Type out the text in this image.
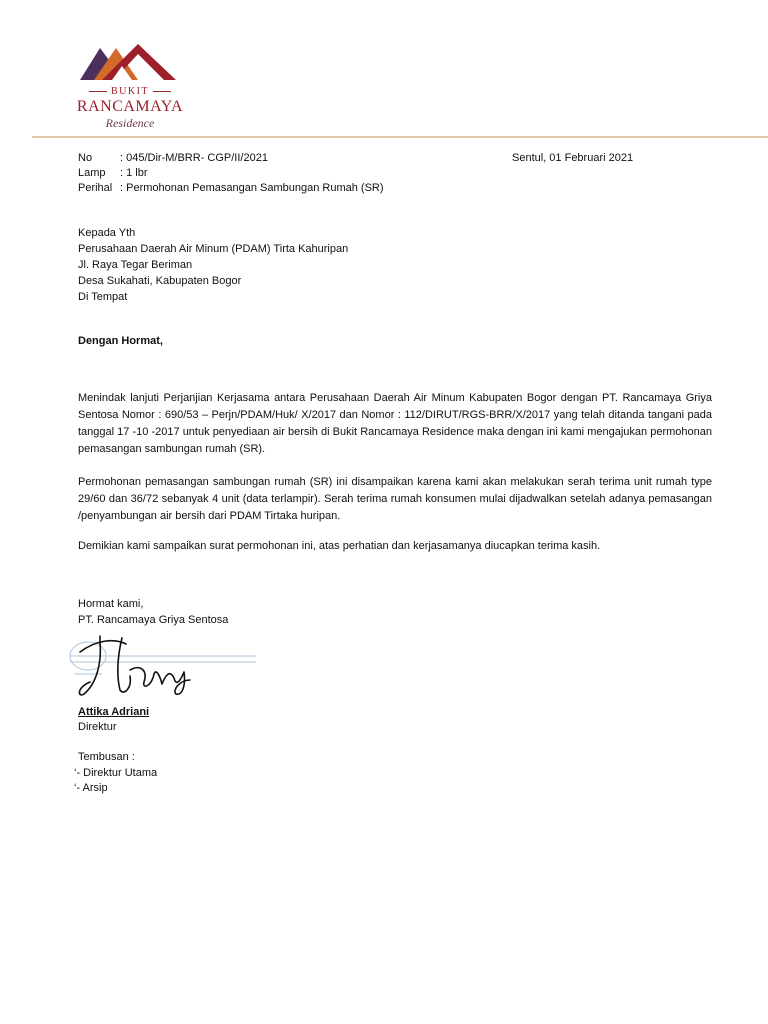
BUKIT
RANCAMAYA
Residence
No	: 045/Dir-M/BRR- CGP/II/2021	Sentul, 01 Februari 2021
Lamp : 1 lbr
Perihal : Permohonan Pemasangan Sambungan Rumah (SR)
Kepada Yth
Perusahaan Daerah Air Minum (PDAM) Tirta Kahuripan
Jl. Raya Tegar Beriman
Desa Sukahati, Kabupaten Bogor
Di Tempat
Dengan Hormat,
Menindak lanjuti Perjanjian Kerjasama antara Perusahaan Daerah Air Minum Kabupaten Bogor dengan PT. Rancamaya Griya Sentosa Nomor : 690/53 – Perjn/PDAM/Huk/ X/2017 dan Nomor : 112/DIRUT/RGS-BRR/X/2017 yang telah ditanda tangani pada tanggal 17 -10 -2017 untuk penyediaan air bersih di Bukit Rancamaya Residence maka dengan ini kami mengajukan permohonan pemasangan sambungan rumah (SR).
Permohonan pemasangan sambungan rumah (SR) ini disampaikan karena kami akan melakukan serah terima unit rumah type 29/60 dan 36/72 sebanyak 4 unit (data terlampir). Serah terima rumah konsumen mulai dijadwalkan setelah adanya pemasangan /penyambungan air bersih dari PDAM Tirtaka huripan.
Demikian kami sampaikan surat permohonan ini, atas perhatian dan kerjasamanya diucapkan terima kasih.
Hormat kami,
PT. Rancamaya Griya Sentosa
Attika Adriani
Direktur
Tembusan :
‘- Direktur Utama
‘- Arsip
